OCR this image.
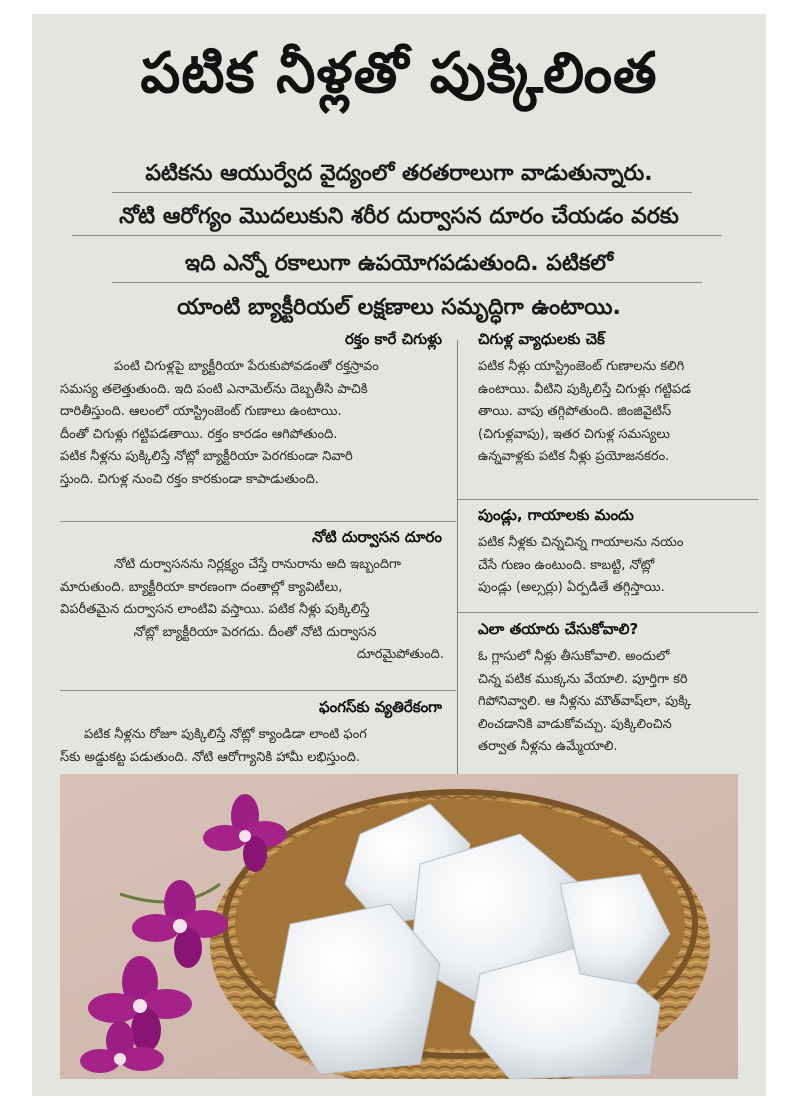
పటిక నీళ్లతో పుక్కిలింత
పటికను ఆయుర్వేద వైద్యంలో తరతరాలుగా వాడుతున్నారు.
నోటి ఆరోగ్యం మొదలుకుని శరీర దుర్వాసన దూరం చేయడం వరకు
ఇది ఎన్నో రకాలుగా ఉపయోగపడుతుంది. పటికలో
యాంటి బ్యాక్టీరియల్ లక్షణాలు సమృద్ధిగా ఉంటాయి.
రక్తం కారే చిగుళ్లు
పంటి చిగుళ్లపై బ్యాక్టీరియా పేరుకుపోవడంతో రక్తస్రావం
సమస్య తలెత్తుతుంది. ఇది పంటి ఎనామెల్‌ను దెబ్బతీసి పాచికి
దారితీస్తుంది. ఆలంలో యాస్ట్రింజెంట్ గుణాలు ఉంటాయి.
దీంతో చిగుళ్లు గట్టిపడతాయి. రక్తం కారడం ఆగిపోతుంది.
పటిక నీళ్లను పుక్కిలిస్తే నోట్లో బ్యాక్టీరియా పెరగకుండా నివారి
స్తుంది. చిగుళ్ల నుంచి రక్తం కారకుండా కాపాడుతుంది.
నోటి దుర్వాసన దూరం
నోటి దుర్వాసనను నిర్లక్ష్యం చేస్తే రానురాను అది ఇబ్బందిగా
మారుతుంది. బ్యాక్టీరియా కారణంగా దంతాల్లో క్యావిటీలు,
విపరీతమైన దుర్వాసన లాంటివి వస్తాయి. పటిక నీళ్లు పుక్కిలిస్తే
నోట్లో బ్యాక్టీరియా పెరగదు. దీంతో నోటి దుర్వాసన
దూరమైపోతుంది.
ఫంగస్‌కు వ్యతిరేకంగా
పటిక నీళ్లను రోజూ పుక్కిలిస్తే నోట్లో క్యాండిడా లాంటి ఫంగ
స్‌కు అడ్డుకట్ట పడుతుంది. నోటి ఆరోగ్యానికి హామీ లభిస్తుంది.
చిగుళ్ల వ్యాధులకు చెక్
పటిక నీళ్లు యాస్ట్రింజెంట్ గుణాలను కలిగి
ఉంటాయి. వీటిని పుక్కిలిస్తే చిగుళ్లు గట్టిపడ
తాయి. వాపు తగ్గిపోతుంది. జింజివైటిస్
(చిగుళ్లవాపు), ఇతర చిగుళ్ల సమస్యలు
ఉన్నవాళ్లకు పటిక నీళ్లు ప్రయోజనకరం.
పుండ్లు, గాయాలకు మందు
పటిక నీళ్లకు చిన్నచిన్న గాయాలను నయం
చేసే గుణం ఉంటుంది. కాబట్టి, నోట్లో
పుండ్లు (అల్సర్లు) ఏర్పడితే తగ్గిస్తాయి.
ఎలా తయారు చేసుకోవాలి?
ఓ గ్లాసులో నీళ్లు తీసుకోవాలి. అందులో
చిన్న పటిక ముక్కను వేయాలి. పూర్తిగా కరి
గిపోనివ్వాలి. ఆ నీళ్లను మౌత్‌వాష్‌లా, పుక్కి
లించడానికి వాడుకోవచ్చు. పుక్కిలించిన
తర్వాత నీళ్లను ఉమ్మేయాలి.
